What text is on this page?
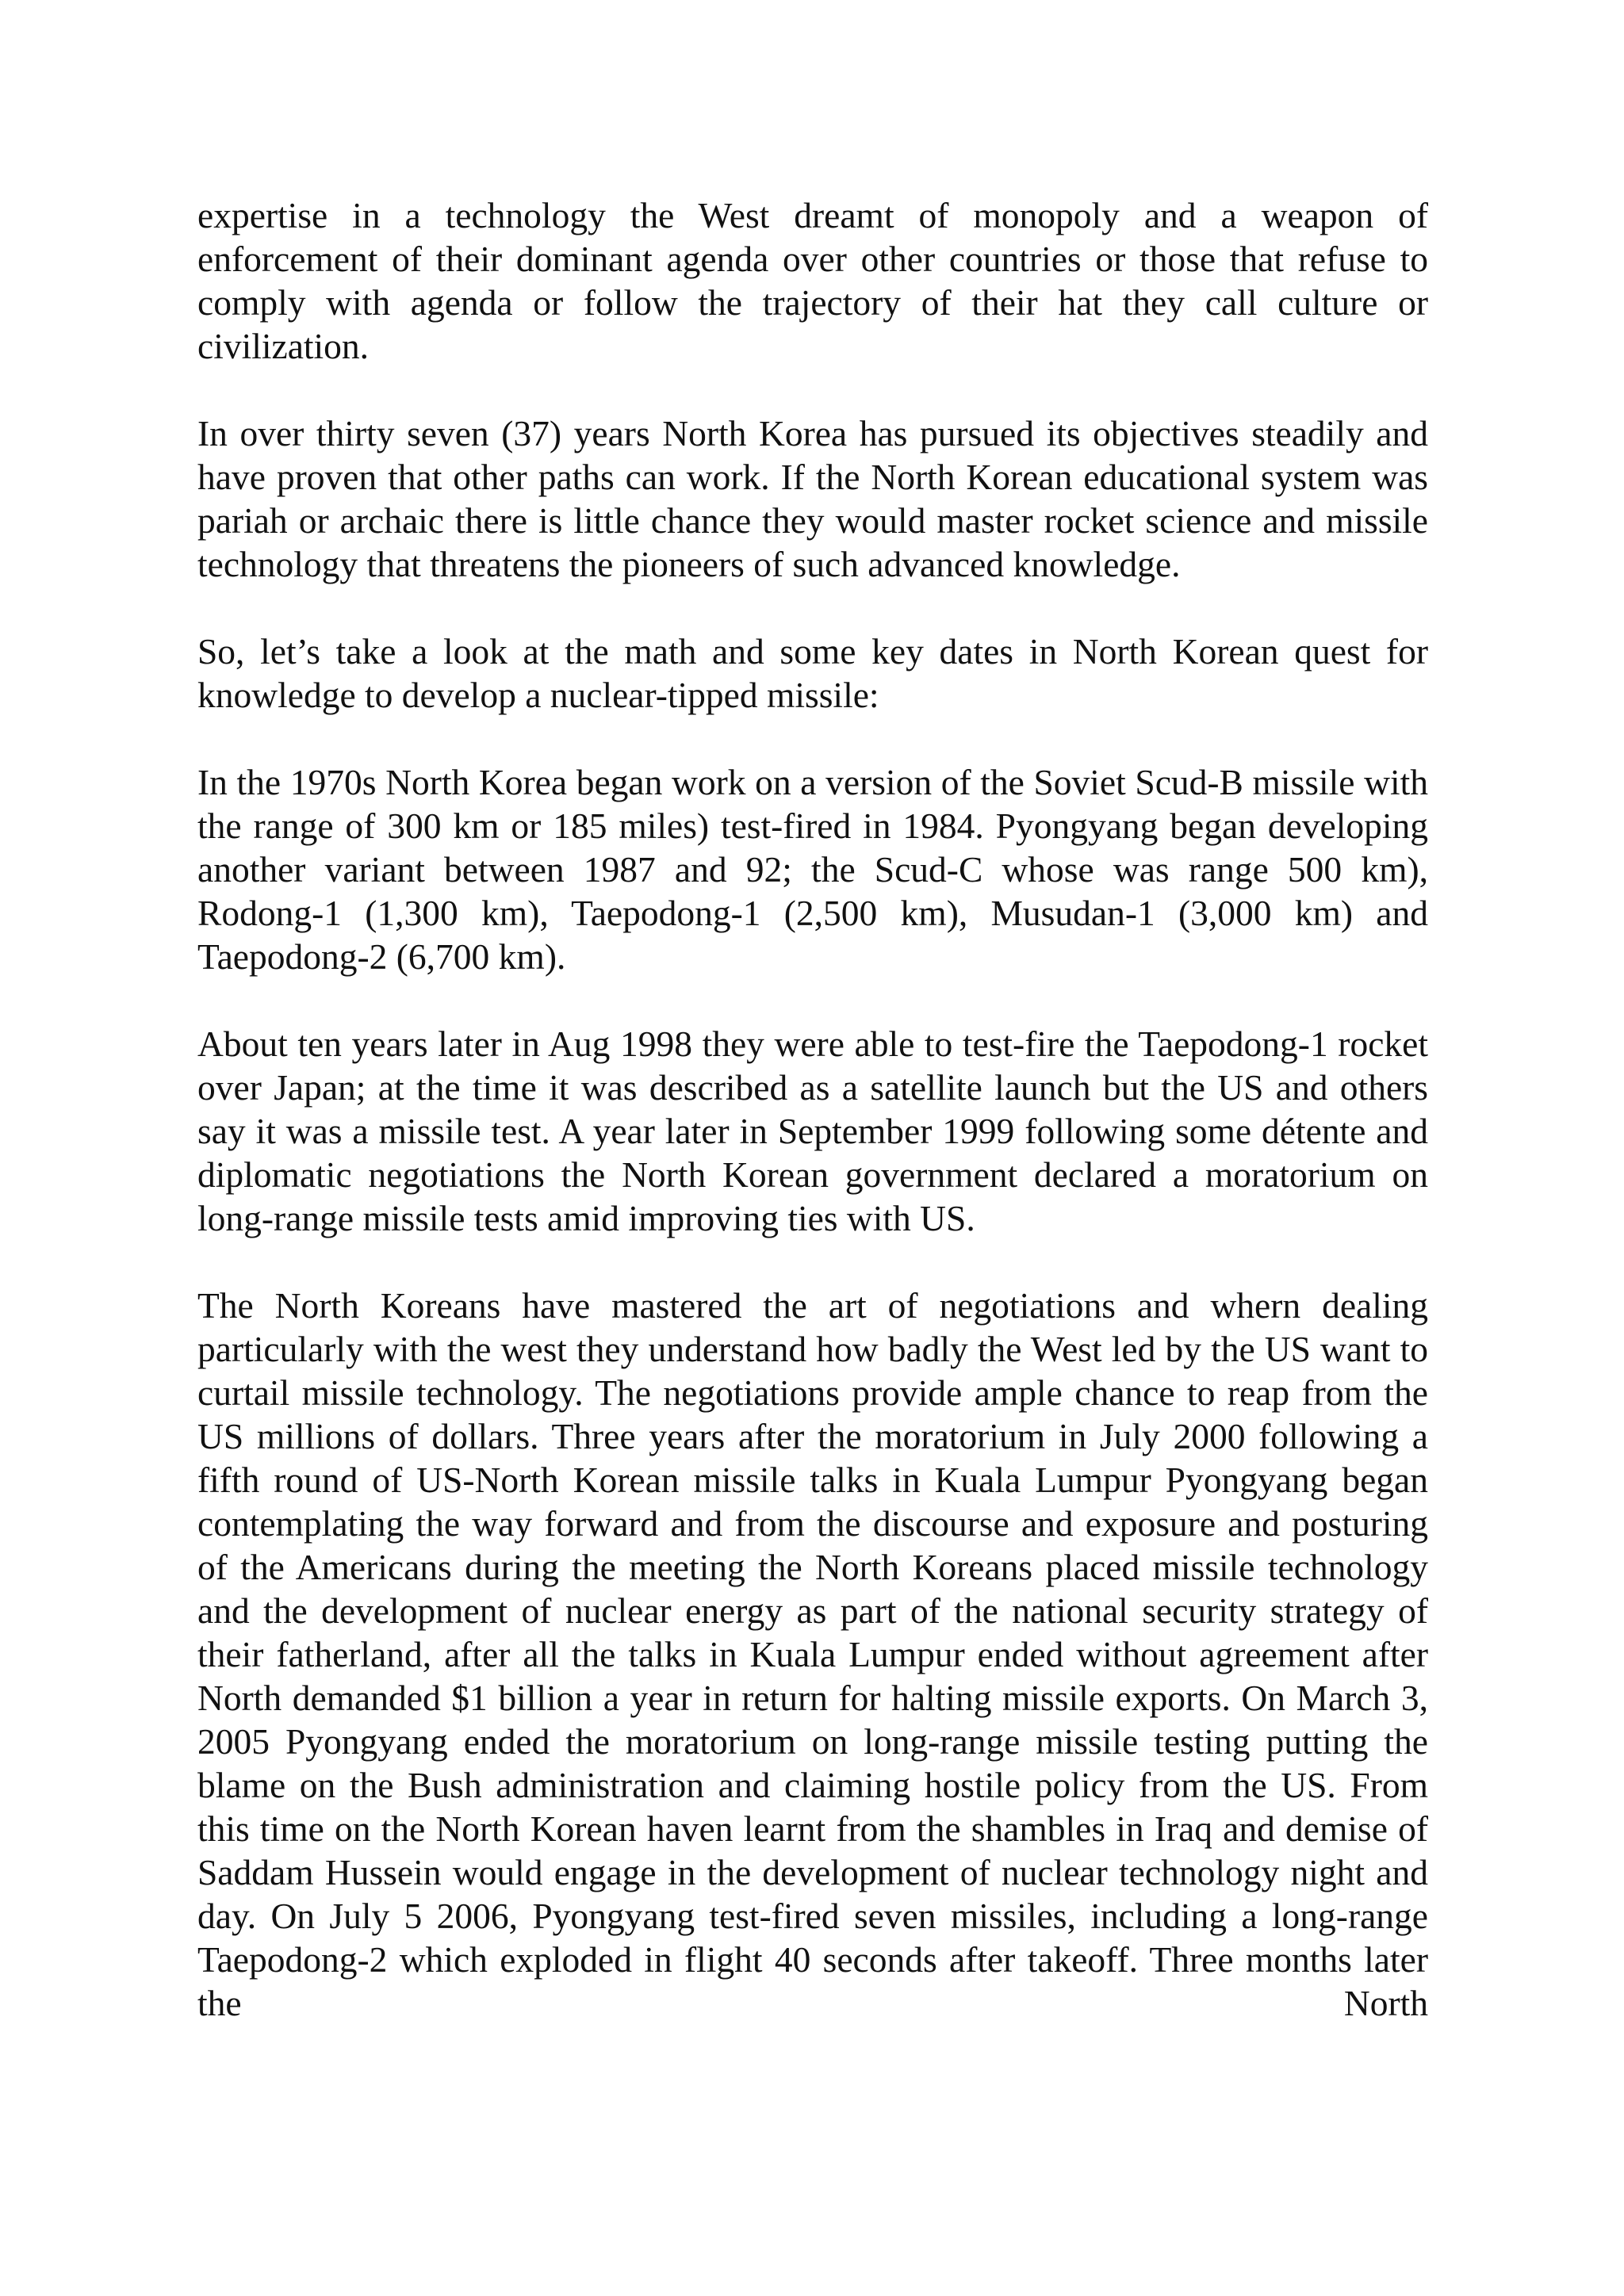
expertise in a technology the West dreamt of monopoly and a weapon of enforcement of their dominant agenda over other countries or those that refuse to comply with agenda or follow the trajectory of their hat they call culture or civilization.

In over thirty seven (37) years North Korea has pursued its objectives steadily and have proven that other paths can work. If the North Korean educational system was pariah or archaic there is little chance they would master rocket science and missile technology that threatens the pioneers of such advanced knowledge.

So, let’s take a look at the math and some key dates in North Korean quest for knowledge to develop a nuclear-tipped missile:

In the 1970s North Korea began work on a version of the Soviet Scud-B missile with the range of 300 km or 185 miles) test-fired in 1984. Pyongyang began developing another variant between 1987 and 92; the Scud-C whose was range 500 km), Rodong-1 (1,300 km), Taepodong-1 (2,500 km), Musudan-1 (3,000 km) and Taepodong-2 (6,700 km).

About ten years later in Aug 1998 they were able to test-fire the Taepodong-1 rocket over Japan; at the time it was described as a satellite launch but the US and others say it was a missile test. A year later in September 1999 following some détente and diplomatic negotiations the North Korean government declared a moratorium on long-range missile tests amid improving ties with US.

The North Koreans have mastered the art of negotiations and whern dealing particularly with the west they understand how badly the West led by the US want to curtail missile technology. The negotiations provide ample chance to reap from the US millions of dollars. Three years after the moratorium in July 2000 following a fifth round of US-North Korean missile talks in Kuala Lumpur Pyongyang began contemplating the way forward and from the discourse and exposure and posturing of the Americans during the meeting the North Koreans placed missile technology and the development of nuclear energy as part of the national security strategy of their fatherland, after all the talks in Kuala Lumpur ended without agreement after North demanded $1 billion a year in return for halting missile exports. On March 3, 2005 Pyongyang ended the moratorium on long-range missile testing putting the blame on the Bush administration and claiming hostile policy from the US. From this time on the North Korean haven learnt from the shambles in Iraq and demise of Saddam Hussein would engage in the development of nuclear technology night and day. On July 5 2006, Pyongyang test-fired seven missiles, including a long-range Taepodong-2 which exploded in flight 40 seconds after takeoff. Three months later the North
